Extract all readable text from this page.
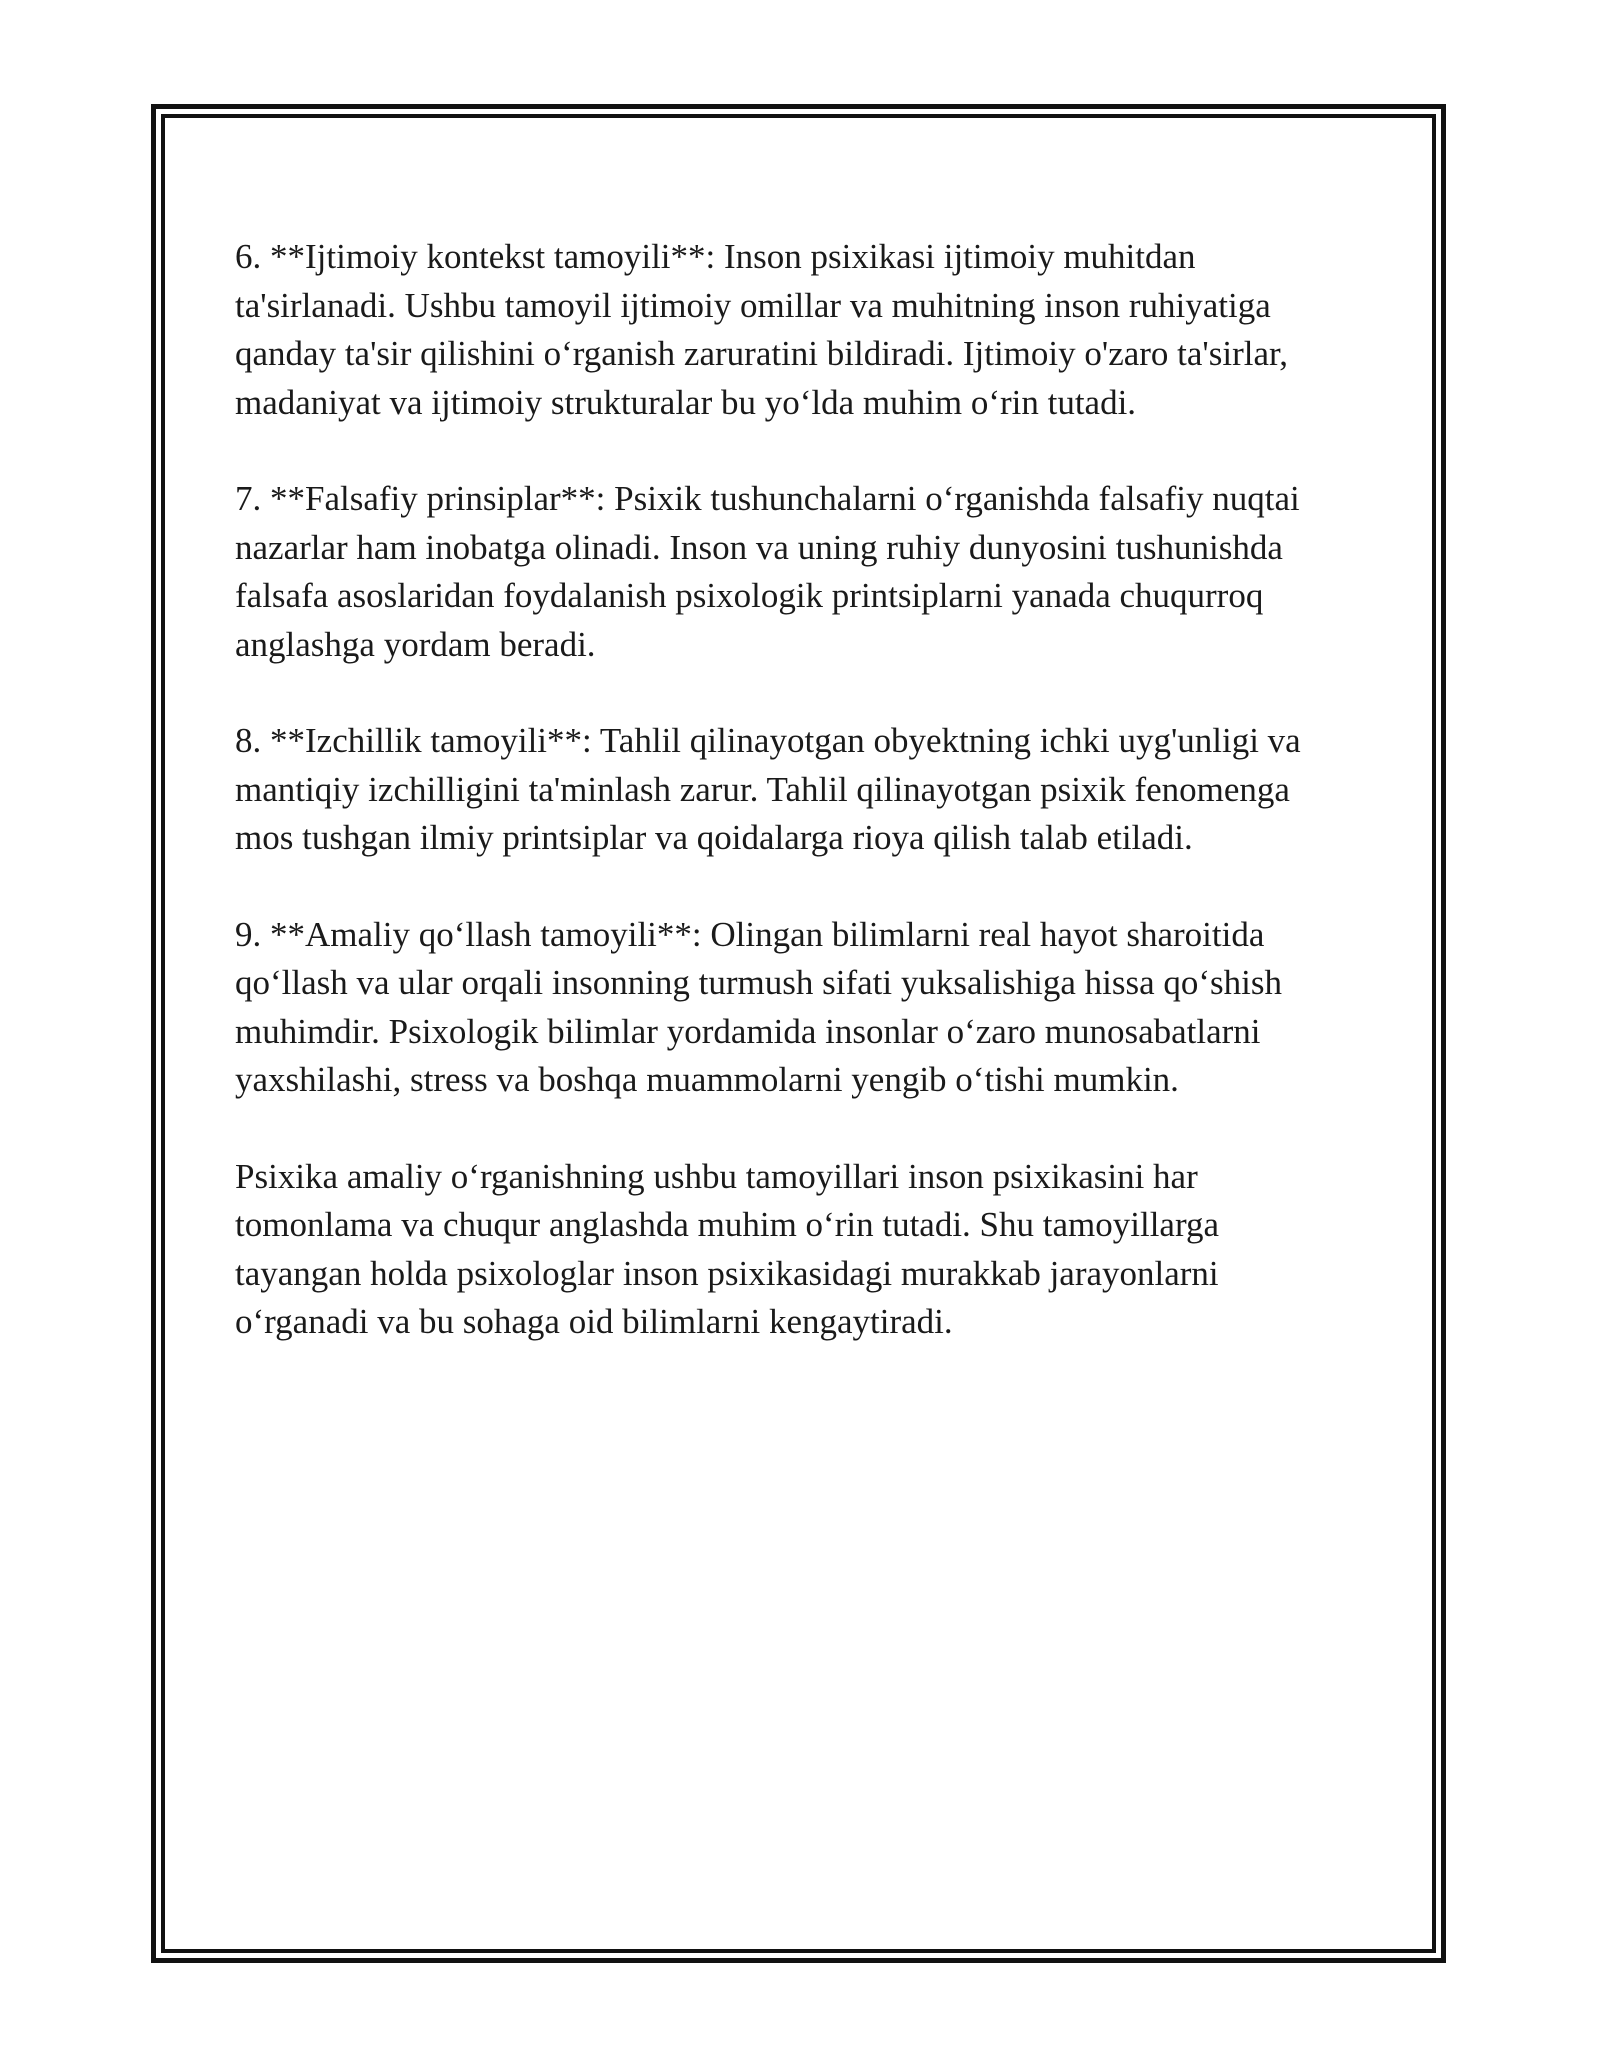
6. **Ijtimoiy kontekst tamoyili**: Inson psixikasi ijtimoiy muhitdan
ta'sirlanadi. Ushbu tamoyil ijtimoiy omillar va muhitning inson ruhiyatiga
qanday ta'sir qilishini o‘rganish zaruratini bildiradi. Ijtimoiy o'zaro ta'sirlar,
madaniyat va ijtimoiy strukturalar bu yo‘lda muhim o‘rin tutadi.

7. **Falsafiy prinsiplar**: Psixik tushunchalarni o‘rganishda falsafiy nuqtai
nazarlar ham inobatga olinadi. Inson va uning ruhiy dunyosini tushunishda
falsafa asoslaridan foydalanish psixologik printsiplarni yanada chuqurroq
anglashga yordam beradi.

8. **Izchillik tamoyili**: Tahlil qilinayotgan obyektning ichki uyg'unligi va
mantiqiy izchilligini ta'minlash zarur. Tahlil qilinayotgan psixik fenomenga
mos tushgan ilmiy printsiplar va qoidalarga rioya qilish talab etiladi.

9. **Amaliy qo‘llash tamoyili**: Olingan bilimlarni real hayot sharoitida
qo‘llash va ular orqali insonning turmush sifati yuksalishiga hissa qo‘shish
muhimdir. Psixologik bilimlar yordamida insonlar o‘zaro munosabatlarni
yaxshilashi, stress va boshqa muammolarni yengib o‘tishi mumkin.

Psixika amaliy o‘rganishning ushbu tamoyillari inson psixikasini har
tomonlama va chuqur anglashda muhim o‘rin tutadi. Shu tamoyillarga
tayangan holda psixologlar inson psixikasidagi murakkab jarayonlarni
o‘rganadi va bu sohaga oid bilimlarni kengaytiradi.
